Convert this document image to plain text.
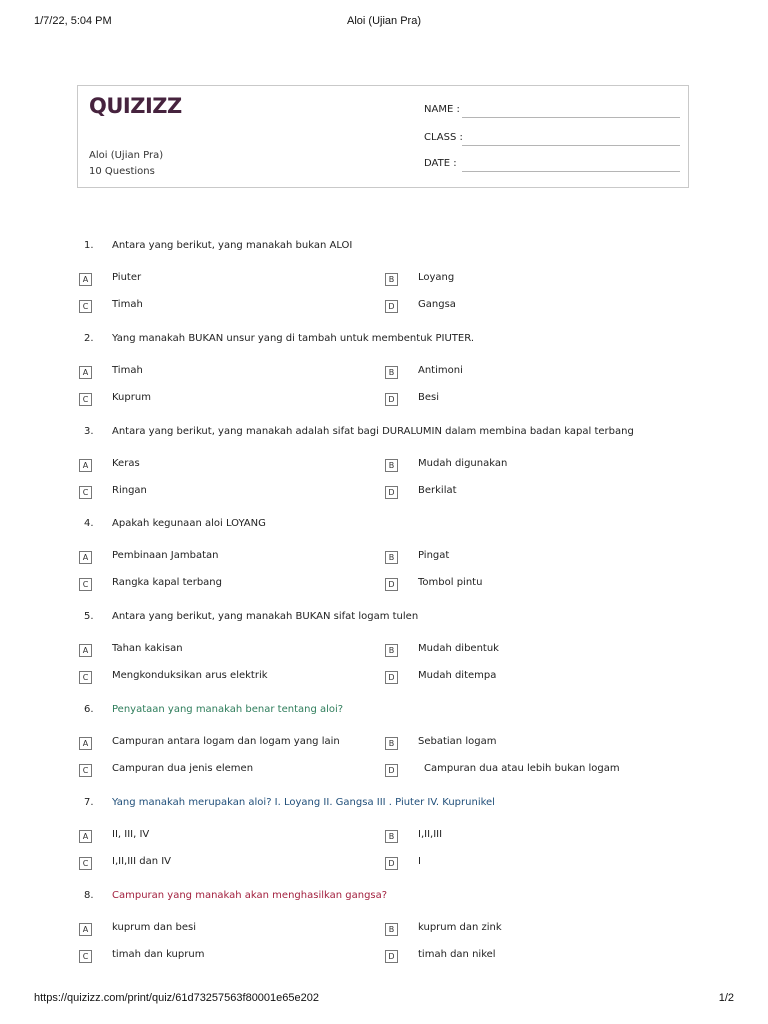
1/7/22, 5:04 PM	Aloi (Ujian Pra)
QUIZIZZ
Aloi (Ujian Pra)
10 Questions
NAME :
CLASS :
DATE :
1. Antara yang berikut, yang manakah bukan ALOI
A	Piuter	B	Loyang
C	Timah	D	Gangsa
2. Yang manakah BUKAN unsur yang di tambah untuk membentuk PIUTER.
A	Timah	B	Antimoni
C	Kuprum	D	Besi
3. Antara yang berikut, yang manakah adalah sifat bagi DURALUMIN dalam membina badan kapal terbang
A	Keras	B	Mudah digunakan
C	Ringan	D	Berkilat
4. Apakah kegunaan aloi LOYANG
A	Pembinaan Jambatan	B	Pingat
C	Rangka kapal terbang	D	Tombol pintu
5. Antara yang berikut, yang manakah BUKAN sifat logam tulen
A	Tahan kakisan	B	Mudah dibentuk
C	Mengkonduksikan arus elektrik	D	Mudah ditempa
6. Penyataan yang manakah benar tentang aloi?
A	Campuran antara logam dan logam yang lain	B	Sebatian logam
C	Campuran dua jenis elemen	D	Campuran dua atau lebih bukan logam
7. Yang manakah merupakan aloi? I. Loyang II. Gangsa III . Piuter IV. Kuprunikel
A	II, III, IV	B	I,II,III
C	I,II,III dan IV	D	I
8. Campuran yang manakah akan menghasilkan gangsa?
A	kuprum dan besi	B	kuprum dan zink
C	timah dan kuprum	D	timah dan nikel
https://quizizz.com/print/quiz/61d73257563f80001e65e202	1/2
